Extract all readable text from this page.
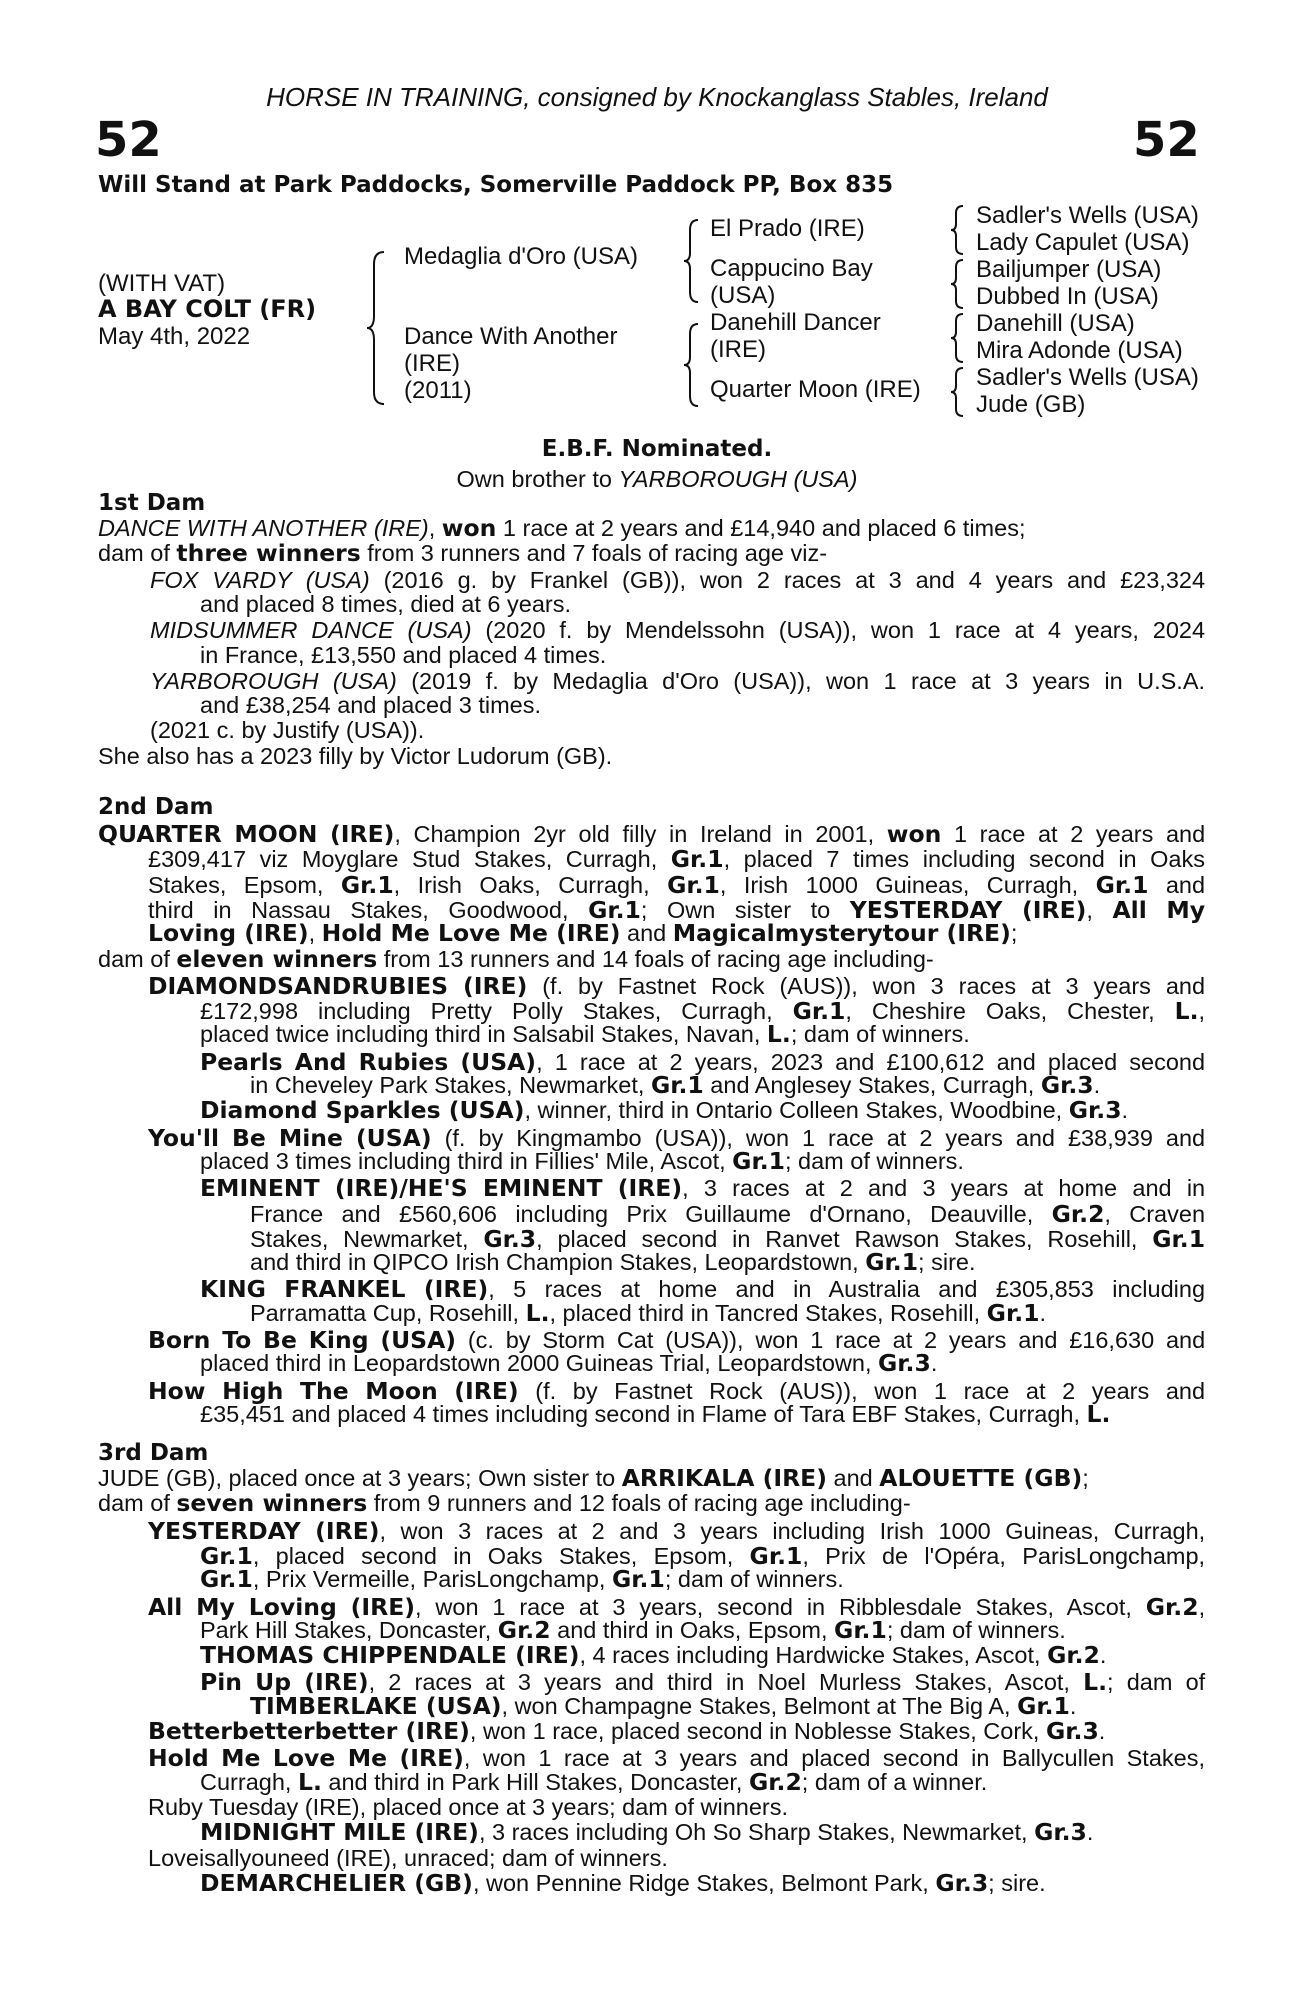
HORSE IN TRAINING, consigned by Knockanglass Stables, Ireland
52	52
Will Stand at Park Paddocks, Somerville Paddock PP, Box 835
(WITH VAT)
A BAY COLT (FR)
May 4th, 2022
Medaglia d'Oro (USA)
Dance With Another
(IRE)
(2011)
El Prado (IRE)
Cappucino Bay
(USA)
Danehill Dancer
(IRE)
Quarter Moon (IRE)
Sadler's Wells (USA)
Lady Capulet (USA)
Bailjumper (USA)
Dubbed In (USA)
Danehill (USA)
Mira Adonde (USA)
Sadler's Wells (USA)
Jude (GB)
E.B.F. Nominated.
Own brother to YARBOROUGH (USA)
1st Dam
DANCE WITH ANOTHER (IRE), won 1 race at 2 years and £14,940 and placed 6 times;
dam of three winners from 3 runners and 7 foals of racing age viz-
FOX VARDY (USA) (2016 g. by Frankel (GB)), won 2 races at 3 and 4 years and £23,324
and placed 8 times, died at 6 years.
MIDSUMMER DANCE (USA) (2020 f. by Mendelssohn (USA)), won 1 race at 4 years, 2024
in France, £13,550 and placed 4 times.
YARBOROUGH (USA) (2019 f. by Medaglia d'Oro (USA)), won 1 race at 3 years in U.S.A.
and £38,254 and placed 3 times.
(2021 c. by Justify (USA)).
She also has a 2023 filly by Victor Ludorum (GB).
2nd Dam
QUARTER MOON (IRE), Champion 2yr old filly in Ireland in 2001, won 1 race at 2 years and
£309,417 viz Moyglare Stud Stakes, Curragh, Gr.1, placed 7 times including second in Oaks
Stakes, Epsom, Gr.1, Irish Oaks, Curragh, Gr.1, Irish 1000 Guineas, Curragh, Gr.1 and
third in Nassau Stakes, Goodwood, Gr.1; Own sister to YESTERDAY (IRE), All My
Loving (IRE), Hold Me Love Me (IRE) and Magicalmysterytour (IRE);
dam of eleven winners from 13 runners and 14 foals of racing age including-
DIAMONDSANDRUBIES (IRE) (f. by Fastnet Rock (AUS)), won 3 races at 3 years and
£172,998 including Pretty Polly Stakes, Curragh, Gr.1, Cheshire Oaks, Chester, L.,
placed twice including third in Salsabil Stakes, Navan, L.; dam of winners.
Pearls And Rubies (USA), 1 race at 2 years, 2023 and £100,612 and placed second
in Cheveley Park Stakes, Newmarket, Gr.1 and Anglesey Stakes, Curragh, Gr.3.
Diamond Sparkles (USA), winner, third in Ontario Colleen Stakes, Woodbine, Gr.3.
You'll Be Mine (USA) (f. by Kingmambo (USA)), won 1 race at 2 years and £38,939 and
placed 3 times including third in Fillies' Mile, Ascot, Gr.1; dam of winners.
EMINENT (IRE)/HE'S EMINENT (IRE), 3 races at 2 and 3 years at home and in
France and £560,606 including Prix Guillaume d'Ornano, Deauville, Gr.2, Craven
Stakes, Newmarket, Gr.3, placed second in Ranvet Rawson Stakes, Rosehill, Gr.1
and third in QIPCO Irish Champion Stakes, Leopardstown, Gr.1; sire.
KING FRANKEL (IRE), 5 races at home and in Australia and £305,853 including
Parramatta Cup, Rosehill, L., placed third in Tancred Stakes, Rosehill, Gr.1.
Born To Be King (USA) (c. by Storm Cat (USA)), won 1 race at 2 years and £16,630 and
placed third in Leopardstown 2000 Guineas Trial, Leopardstown, Gr.3.
How High The Moon (IRE) (f. by Fastnet Rock (AUS)), won 1 race at 2 years and
£35,451 and placed 4 times including second in Flame of Tara EBF Stakes, Curragh, L.
3rd Dam
JUDE (GB), placed once at 3 years; Own sister to ARRIKALA (IRE) and ALOUETTE (GB);
dam of seven winners from 9 runners and 12 foals of racing age including-
YESTERDAY (IRE), won 3 races at 2 and 3 years including Irish 1000 Guineas, Curragh,
Gr.1, placed second in Oaks Stakes, Epsom, Gr.1, Prix de l'Opéra, ParisLongchamp,
Gr.1, Prix Vermeille, ParisLongchamp, Gr.1; dam of winners.
All My Loving (IRE), won 1 race at 3 years, second in Ribblesdale Stakes, Ascot, Gr.2,
Park Hill Stakes, Doncaster, Gr.2 and third in Oaks, Epsom, Gr.1; dam of winners.
THOMAS CHIPPENDALE (IRE), 4 races including Hardwicke Stakes, Ascot, Gr.2.
Pin Up (IRE), 2 races at 3 years and third in Noel Murless Stakes, Ascot, L.; dam of
TIMBERLAKE (USA), won Champagne Stakes, Belmont at The Big A, Gr.1.
Betterbetterbetter (IRE), won 1 race, placed second in Noblesse Stakes, Cork, Gr.3.
Hold Me Love Me (IRE), won 1 race at 3 years and placed second in Ballycullen Stakes,
Curragh, L. and third in Park Hill Stakes, Doncaster, Gr.2; dam of a winner.
Ruby Tuesday (IRE), placed once at 3 years; dam of winners.
MIDNIGHT MILE (IRE), 3 races including Oh So Sharp Stakes, Newmarket, Gr.3.
Loveisallyouneed (IRE), unraced; dam of winners.
DEMARCHELIER (GB), won Pennine Ridge Stakes, Belmont Park, Gr.3; sire.
